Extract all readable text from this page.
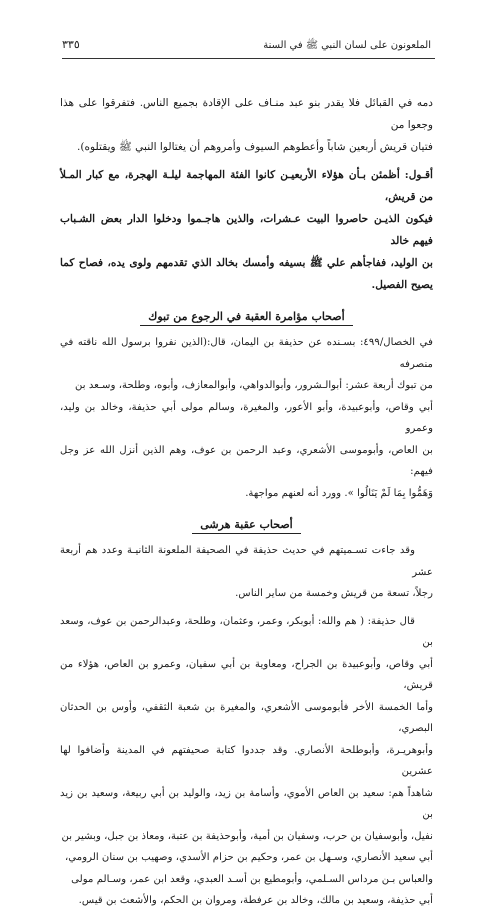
الملعونون على لسان النبي ﷺ في السنة
٣٣٥
دمه في القبائل فلا يقدر بنو عبد منـاف على الإقادة بجميع الناس. فتفرقوا على هذا وجعوا من
فتيان قريش أربعين شاباً وأعطوهم السيوف وأمروهم أن يغتالوا النبي ﷺ ويقتلوه).
أقـول: أظمئن بـأن هؤلاء الأربعيـن كانوا الفئة المهاجمة ليلـة الهجرة، مع كبار المـلأ من قريش،
فيكون الذيـن حاصروا البيت عـشرات، والذين هاجـموا ودخلوا الدار بعض الشـباب فيهم خالد
بن الوليد، ففاجأهم علي ﷺ بسيفه وأمسك بخالد الذي تقدمهم ولوى يده، فصاح كما يصيح الفصيل.
أصحاب مؤامرة العقبة في الرجوع من تبوك
في الخصال/٤٩٩: بسـنده عن حذيفة بن اليمان، قال:(الذين نفروا برسول الله ناقته في منصرفه
من تبوك أربعة عشر: أبوالـشرور، وأبوالدواهي، وأبوالمعازف، وأبوه، وطلحة، وسـعد بن
أبي وقاص، وأبوعبيدة، وأبو الأعور، والمغيرة، وسالم مولى أبي حذيفة، وخالد بن وليد، وعمرو
بن العاص، وأبوموسى الأشعري، وعبد الرحمن بن عوف، وهم الذين أنزل الله عز وجل فيهم:
وَهَمُّوا بِمَا لَمْ يَنَالُوا ». وورد أنه لعنهم مواجهة.
أصحاب عقبة هرشى
وقد جاءت تسـميتهم في حديث حذيفة في الصحيفة الملعونة الثانيـة وعدد هم أربعة عشر
رجلاً، تسعة من قريش وخمسة من ساير الناس.
قال حذيفة: ( هم والله: أبوبكر، وعمر، وعثمان، وطلحة، وعبدالرحمن بن عوف، وسعد بن
أبي وقاص، وأبوعبيدة بن الجراح، ومعاوية بن أبي سفيان، وعمرو بن العاص، هؤلاء من قريش،
وأما الخمسة الأخر فأبوموسى الأشعري، والمغيرة بن شعبة الثقفي، وأوس بن الحدثان البصري،
وأبوهريـرة، وأبوطلحة الأنصاري. وقد جددوا كتابة صحيفتهم في المدينة وأضافوا لها عشرين
شاهداً هم: سعيد بن العاص الأموي، وأسامة بن زيد، والوليد بن أبي ربيعة، وسعيد بن زيد بن
نفيل، وأبوسفيان بن حرب، وسفيان بن أمية، وأبوحذيفة بن عتبة، ومعاذ بن جبل، وبشير بن
أبي سعيد الأنصاري، وسـهل بن عمر، وحكيم بن حزام الأسدي، وصهيب بن سنان الرومي،
والعباس بـن مرداس السـلمي، وأبومطيع بن أسـد العبدي، وقعد ابن عمر، وسـالم مولى
أبي حذيفة، وسعيد بن مالك، وخالد بن عرفطة، ومروان بن الحكم، والأشعث بن قيس.
